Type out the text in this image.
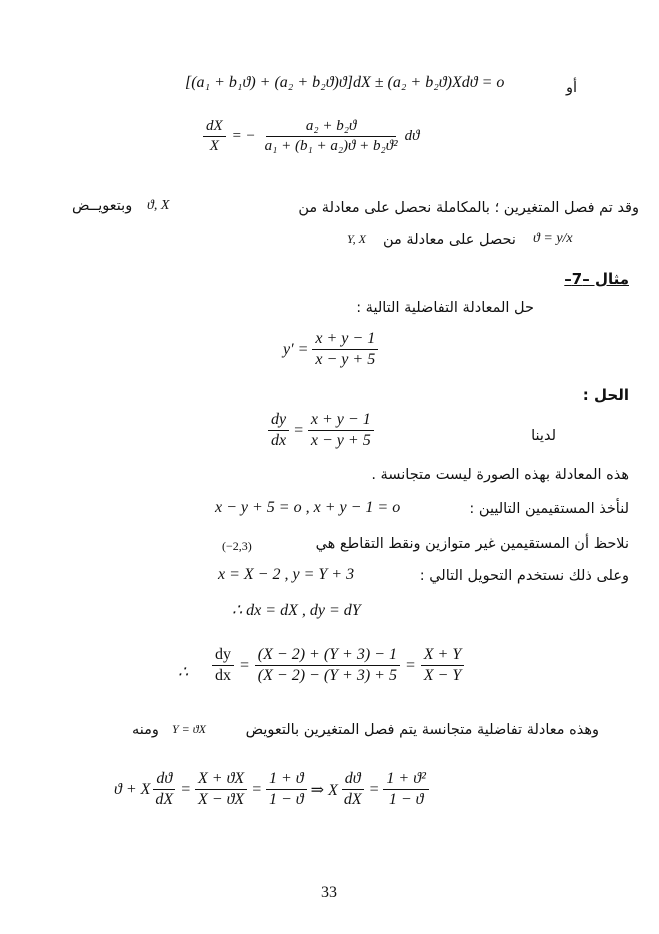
أو
[(a₁ + b₁ϑ) + (a₂ + b₂ϑ)ϑ]dX ± (a₂ + b₂ϑ)Xdϑ = o
$\frac{dX}{X}$ = − $\frac{\text{a₂ + b₂ϑ}}{\text{a₁ + (b₁ + a₂)ϑ + b₂ϑ²}}$ dϑ
وقد تم فصل المتغيرين ؛ بالمكاملة نحصل على معادلة من
ϑ, X
وبتعويــض
ϑ = y/x
نحصل على معادلة من
Y, X
مثال –7–
حل المعادلة التفاضلية التالية :
$y' = \frac{x + y - 1}{x - y + 5}$
الحل :
$\frac{dy}{dx} = \frac{x + y - 1}{x - y + 5}$	لدينا
هذه المعادلة بهذه الصورة ليست متجانسة .
لنأخذ المستقيمين التاليين :
x − y + 5 = o , x + y − 1 = o
نلاحظ أن المستقيمين غير متوازين ونقط التقاطع هي
(−2,3)
وعلى ذلك نستخدم التحويل التالي :
x = X − 2 , y = Y + 3
∴ dx = dX , dy = dY
∴ $\frac{dy}{dx} = \frac{(X - 2) + (Y + 3) - 1}{(X - 2) - (Y + 3) + 5} = \frac{X + Y}{X - Y}$
وهذه معادلة تفاضلية متجانسة يتم فصل المتغيرين بالتعويض
Y = ϑX
ومنه
ϑ + X $\frac{dϑ}{dX} = \frac{X + ϑX}{X - ϑX} = \frac{1 + ϑ}{1 - ϑ}$ ⇒ X $\frac{dϑ}{dX} = \frac{\text{1 + ϑ²}}{1 - ϑ}$
33
